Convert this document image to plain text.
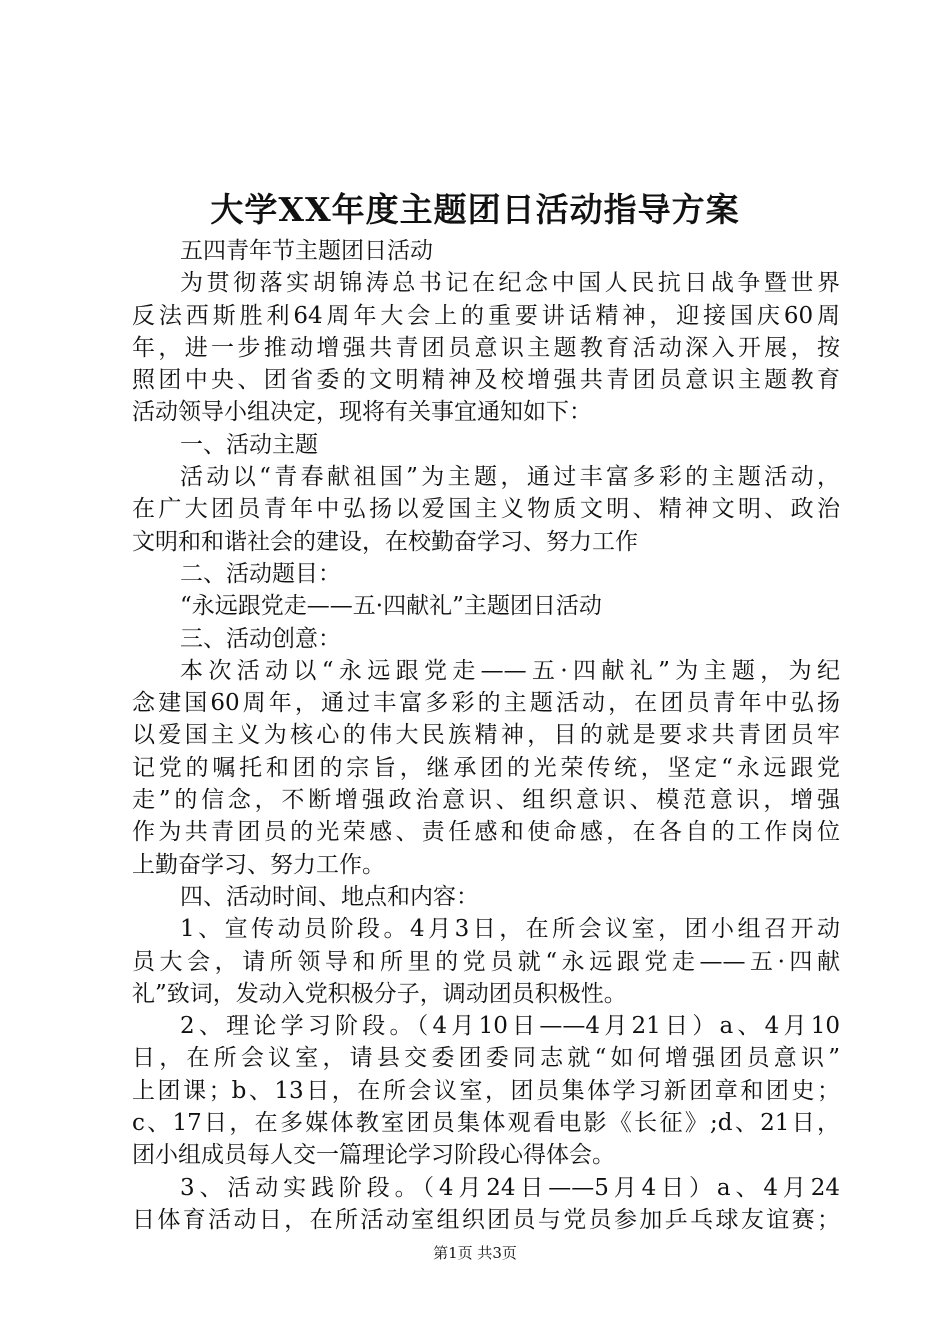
大学XX年度主题团日活动指导方案
五四青年节主题团日活动
为贯彻落实胡锦涛总书记在纪念中国人民抗日战争暨世界
反法西斯胜利64周年大会上的重要讲话精神，迎接国庆60周
年，进一步推动增强共青团员意识主题教育活动深入开展，按
照团中央、团省委的文明精神及校增强共青团员意识主题教育
活动领导小组决定，现将有关事宜通知如下：
一、活动主题
活动以“青春献祖国”为主题，通过丰富多彩的主题活动，
在广大团员青年中弘扬以爱国主义物质文明、精神文明、政治
文明和和谐社会的建设，在校勤奋学习、努力工作
二、活动题目：
“永远跟党走——五·四献礼”主题团日活动
三、活动创意：
本次活动以“永远跟党走——五·四献礼”为主题，为纪
念建国60周年，通过丰富多彩的主题活动，在团员青年中弘扬
以爱国主义为核心的伟大民族精神，目的就是要求共青团员牢
记党的嘱托和团的宗旨，继承团的光荣传统，坚定“永远跟党
走”的信念，不断增强政治意识、组织意识、模范意识，增强
作为共青团员的光荣感、责任感和使命感，在各自的工作岗位
上勤奋学习、努力工作。
四、活动时间、地点和内容：
1、宣传动员阶段。4月3日，在所会议室，团小组召开动
员大会，请所领导和所里的党员就“永远跟党走——五·四献
礼”致词，发动入党积极分子，调动团员积极性。
2、理论学习阶段。（4月10日——4月21日）a、4月10
日，在所会议室，请县交委团委同志就“如何增强团员意识”
上团课；b、13日，在所会议室，团员集体学习新团章和团史；
c、17日，在多媒体教室团员集体观看电影《长征》;d、21日，
团小组成员每人交一篇理论学习阶段心得体会。
3、活动实践阶段。（4月24日——5月4日）a、4月24
日体育活动日，在所活动室组织团员与党员参加乒乓球友谊赛；
第1页 共3页
